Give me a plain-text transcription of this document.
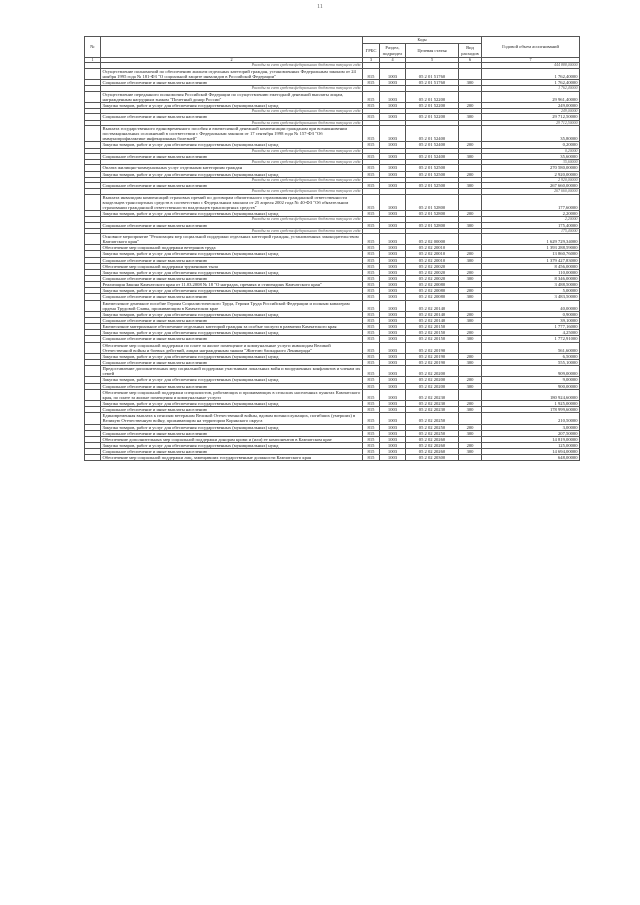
11
№		Коды				Годовой объем ассигнований
		ГРБС	Раздел, подраздел	Целевая статья	Вид расходов	
1	2	3	4	5	6	7
	Расходы за счет средств федерального бюджета текущего года					444 888,00000
	Осуществление полномочий по обеспечению жильем отдельных категорий граждан, установленных Федеральным законом от 24 ноября 1995 года № 181-ФЗ "О социальной защите инвалидов в Российской Федерации"	815	1003	05 2 01 51760		1 762,40000
	Социальное обеспечение и иные выплаты населению	815	1003	05 2 01 51760	300	1 762,40000
	Расходы за счет средств федерального бюджета текущего года					1 762,40000
	Осуществление переданного полномочия Российской Федерации по осуществлению ежегодной денежной выплаты лицам, награжденным нагрудным знаком "Почетный донор России"	815	1003	05 2 01 52200		29 961,40000
	Закупка товаров, работ и услуг для обеспечения государственных (муниципальных) нужд	815	1003	05 2 01 52200	200	249,00000
	Расходы за счет средств федерального бюджета текущего года					249,00000
	Социальное обеспечение и иные выплаты населению	815	1003	05 2 01 52200	300	29 712,50000
	Расходы за счет средств федерального бюджета текущего года					29 712,50000
	Выплата государственного единовременного пособия и ежемесячной денежной компенсации гражданам при возникновении поствакцинальных осложнений в соответствии с Федеральным законом от 17 сентября 1998 года № 157-ФЗ "Об иммунопрофилактике инфекционных болезней"	815	1003	05 2 01 52400		35,80000
	Закупка товаров, работ и услуг для обеспечения государственных (муниципальных) нужд	815	1003	05 2 01 52400	200	0,20000
	Расходы за счет средств федерального бюджета текущего года					0,20000
	Социальное обеспечение и иные выплаты населению	815	1003	05 2 01 52400	300	35,60000
	Расходы за счет средств федерального бюджета текущего года					35,60000
	Оплата жилищно-коммунальных услуг отдельным категориям граждан	815	1003	05 2 01 52500		270 580,00000
	Закупка товаров, работ и услуг для обеспечения государственных (муниципальных) нужд	815	1003	05 2 01 52500	200	2 920,00000
	Расходы за счет средств федерального бюджета текущего года					2 920,00000
	Социальное обеспечение и иные выплаты населению	815	1003	05 2 01 52500	300	267 660,00000
	Расходы за счет средств федерального бюджета текущего года					267 660,00000
	Выплата инвалидам компенсаций страховых премий по договорам обязательного страхования гражданской ответственности владельцев транспортных средств в соответствии с Федеральным законом от 25 апреля 2002 года № 40-ФЗ "Об обязательном страховании гражданской ответственности владельцев транспортных средств"	815	1003	05 2 01 52800		177,60000
	Закупка товаров, работ и услуг для обеспечения государственных (муниципальных) нужд	815	1003	05 2 01 52800	200	2,20000
	Расходы за счет средств федерального бюджета текущего года					2,20000
	Социальное обеспечение и иные выплаты населению	815	1003	05 2 01 52800	300	175,40000
	Расходы за счет средств федерального бюджета текущего года					175,40000
	Основное мероприятие "Реализация мер социальной поддержки отдельных категорий граждан, установленных законодательством Камчатского края"	815	1003	05 2 02 00000		1 629 729,34000
	Обеспечение мер социальной поддержки ветеранов труда	815	1003	05 2 02 20010		1 393 288,59000
	Закупка товаров, работ и услуг для обеспечения государственных (муниципальных) нужд	815	1003	05 2 02 20010	200	13 860,76000
	Социальное обеспечение и иные выплаты населению	815	1003	05 2 02 20010	300	1 379 427,83000
	Обеспечение мер социальной поддержки тружеников тыла	815	1003	05 2 02 20020		8 456,00000
	Закупка товаров, работ и услуг для обеспечения государственных (муниципальных) нужд	815	1003	05 2 02 20020	200	110,00000
	Социальное обеспечение и иные выплаты населению	815	1003	05 2 02 20020	300	8 346,00000
	Реализация Закона Камчатского края от 11.03.2008 № 18 "О наградах, премиях и стипендиях Камчатского края"	815	1003	05 2 02 20080		3 488,50000
	Закупка товаров, работ и услуг для обеспечения государственных (муниципальных) нужд	815	1003	05 2 02 20080	200	5,00000
	Социальное обеспечение и иные выплаты населению	815	1003	05 2 02 20080	300	3 483,50000
	Ежемесячное денежное пособие Героям Социалистического Труда, Героям Труда Российской Федерации и полным кавалерам ордена Трудовой Славы, проживающим в Камчатском крае	815	1003	05 2 02 20140		40,00000
	Закупка товаров, работ и услуг для обеспечения государственных (муниципальных) нужд	815	1003	05 2 02 20140	200	0,90000
	Социальное обеспечение и иные выплаты населению	815	1003	05 2 02 20140	300	39,10000
	Ежемесячное материальное обеспечение отдельных категорий граждан за особые заслуги в развитии Камчатского края	815	1003	05 2 02 20150		1 777,16000
	Закупка товаров, работ и услуг для обеспечения государственных (муниципальных) нужд	815	1003	05 2 02 20150	200	4,25000
	Социальное обеспечение и иные выплаты населению	815	1003	05 2 02 20150	300	1 772,91000
	Обеспечение мер социальной поддержки по плате за жилое помещение и коммунальные услуги инвалидам Великой Отечественной войны и боевых действий, лицам награжденным знаком "Жителю блокадного Ленинграда"	815	1003	05 2 02 20190		561,60000
	Закупка товаров, работ и услуг для обеспечения государственных (муниципальных) нужд	815	1003	05 2 02 20190	200	6,50000
	Социальное обеспечение и иные выплаты населению	815	1003	05 2 02 20190	300	555,10000
	Предоставление дополнительных мер социальной поддержки участникам локальных войн и вооруженных конфликтов и членам их семей	815	1003	05 2 02 20200		909,00000
	Закупка товаров, работ и услуг для обеспечения государственных (муниципальных) нужд	815	1003	05 2 02 20200	200	9,00000
	Социальное обеспечение и иные выплаты населению	815	1003	05 2 02 20200	300	900,00000
	Обеспечение мер социальной поддержки специалистов, работающих и проживающих в сельских населенных пунктах Камчатского края, по плате за жилые помещения и коммунальные услуги	815	1003	05 2 02 20230		180 924,60000
	Закупка товаров, работ и услуг для обеспечения государственных (муниципальных) нужд	815	1003	05 2 02 20230	200	1 925,00000
	Социальное обеспечение и иные выплаты населению	815	1003	05 2 02 20230	300	178 999,60000
	Единовременная выплата к пенсиям ветеранам Великой Отечественной войны, вдовам военнослужащих, погибших (умерших) в Великую Отечественную войну, проживающим на территории Корякского округа	815	1003	05 2 02 20250		210,50000
	Закупка товаров, работ и услуг для обеспечения государственных (муниципальных) нужд	815	1003	05 2 02 20250	200	3,00000
	Социальное обеспечение и иные выплаты населению	815	1003	05 2 02 20250	300	207,50000
	Обеспечение дополнительных мер социальной поддержки донорам крови и (или) ее компонентов в Камчатском крае	815	1003	05 2 02 20260		14 819,00000
	Закупка товаров, работ и услуг для обеспечения государственных (муниципальных) нужд	815	1003	05 2 02 20260	200	125,00000
	Социальное обеспечение и иные выплаты населению	815	1003	05 2 02 20260	300	14 694,00000
	Обеспечение мер социальной поддержки лиц, замещавших государственные должности Камчатского края	815	1003	05 2 02 20300		648,00000
